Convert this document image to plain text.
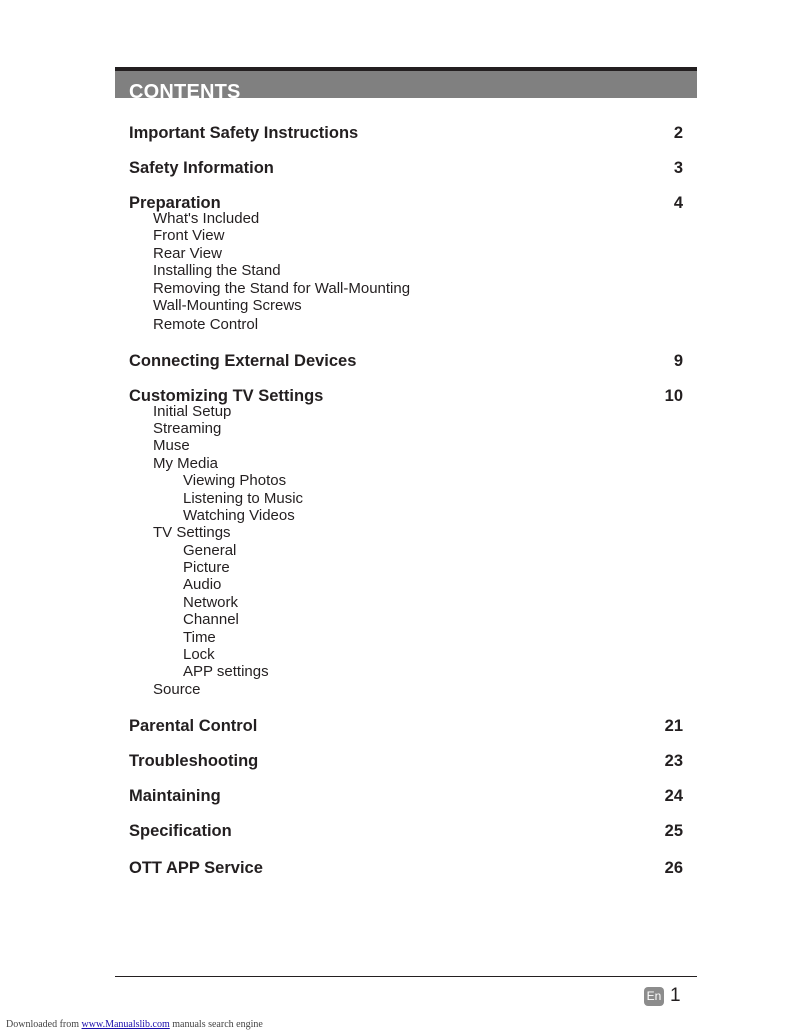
CONTENTS
Important Safety Instructions	2
Safety Information	3
Preparation	4
What's Included
Front View
Rear View
Installing the Stand
Removing the Stand for Wall-Mounting
Wall-Mounting Screws
Remote Control
Connecting External Devices	9
Customizing TV Settings	10
Initial Setup
Streaming
Muse
My Media
Viewing Photos
Listening to Music
Watching Videos
TV Settings
General
Picture
Audio
Network
Channel
Time
Lock
APP settings
Source
Parental Control	21
Troubleshooting	23
Maintaining	24
Specification	25
OTT APP Service	26
En 1
Downloaded from www.Manualslib.com manuals search engine
